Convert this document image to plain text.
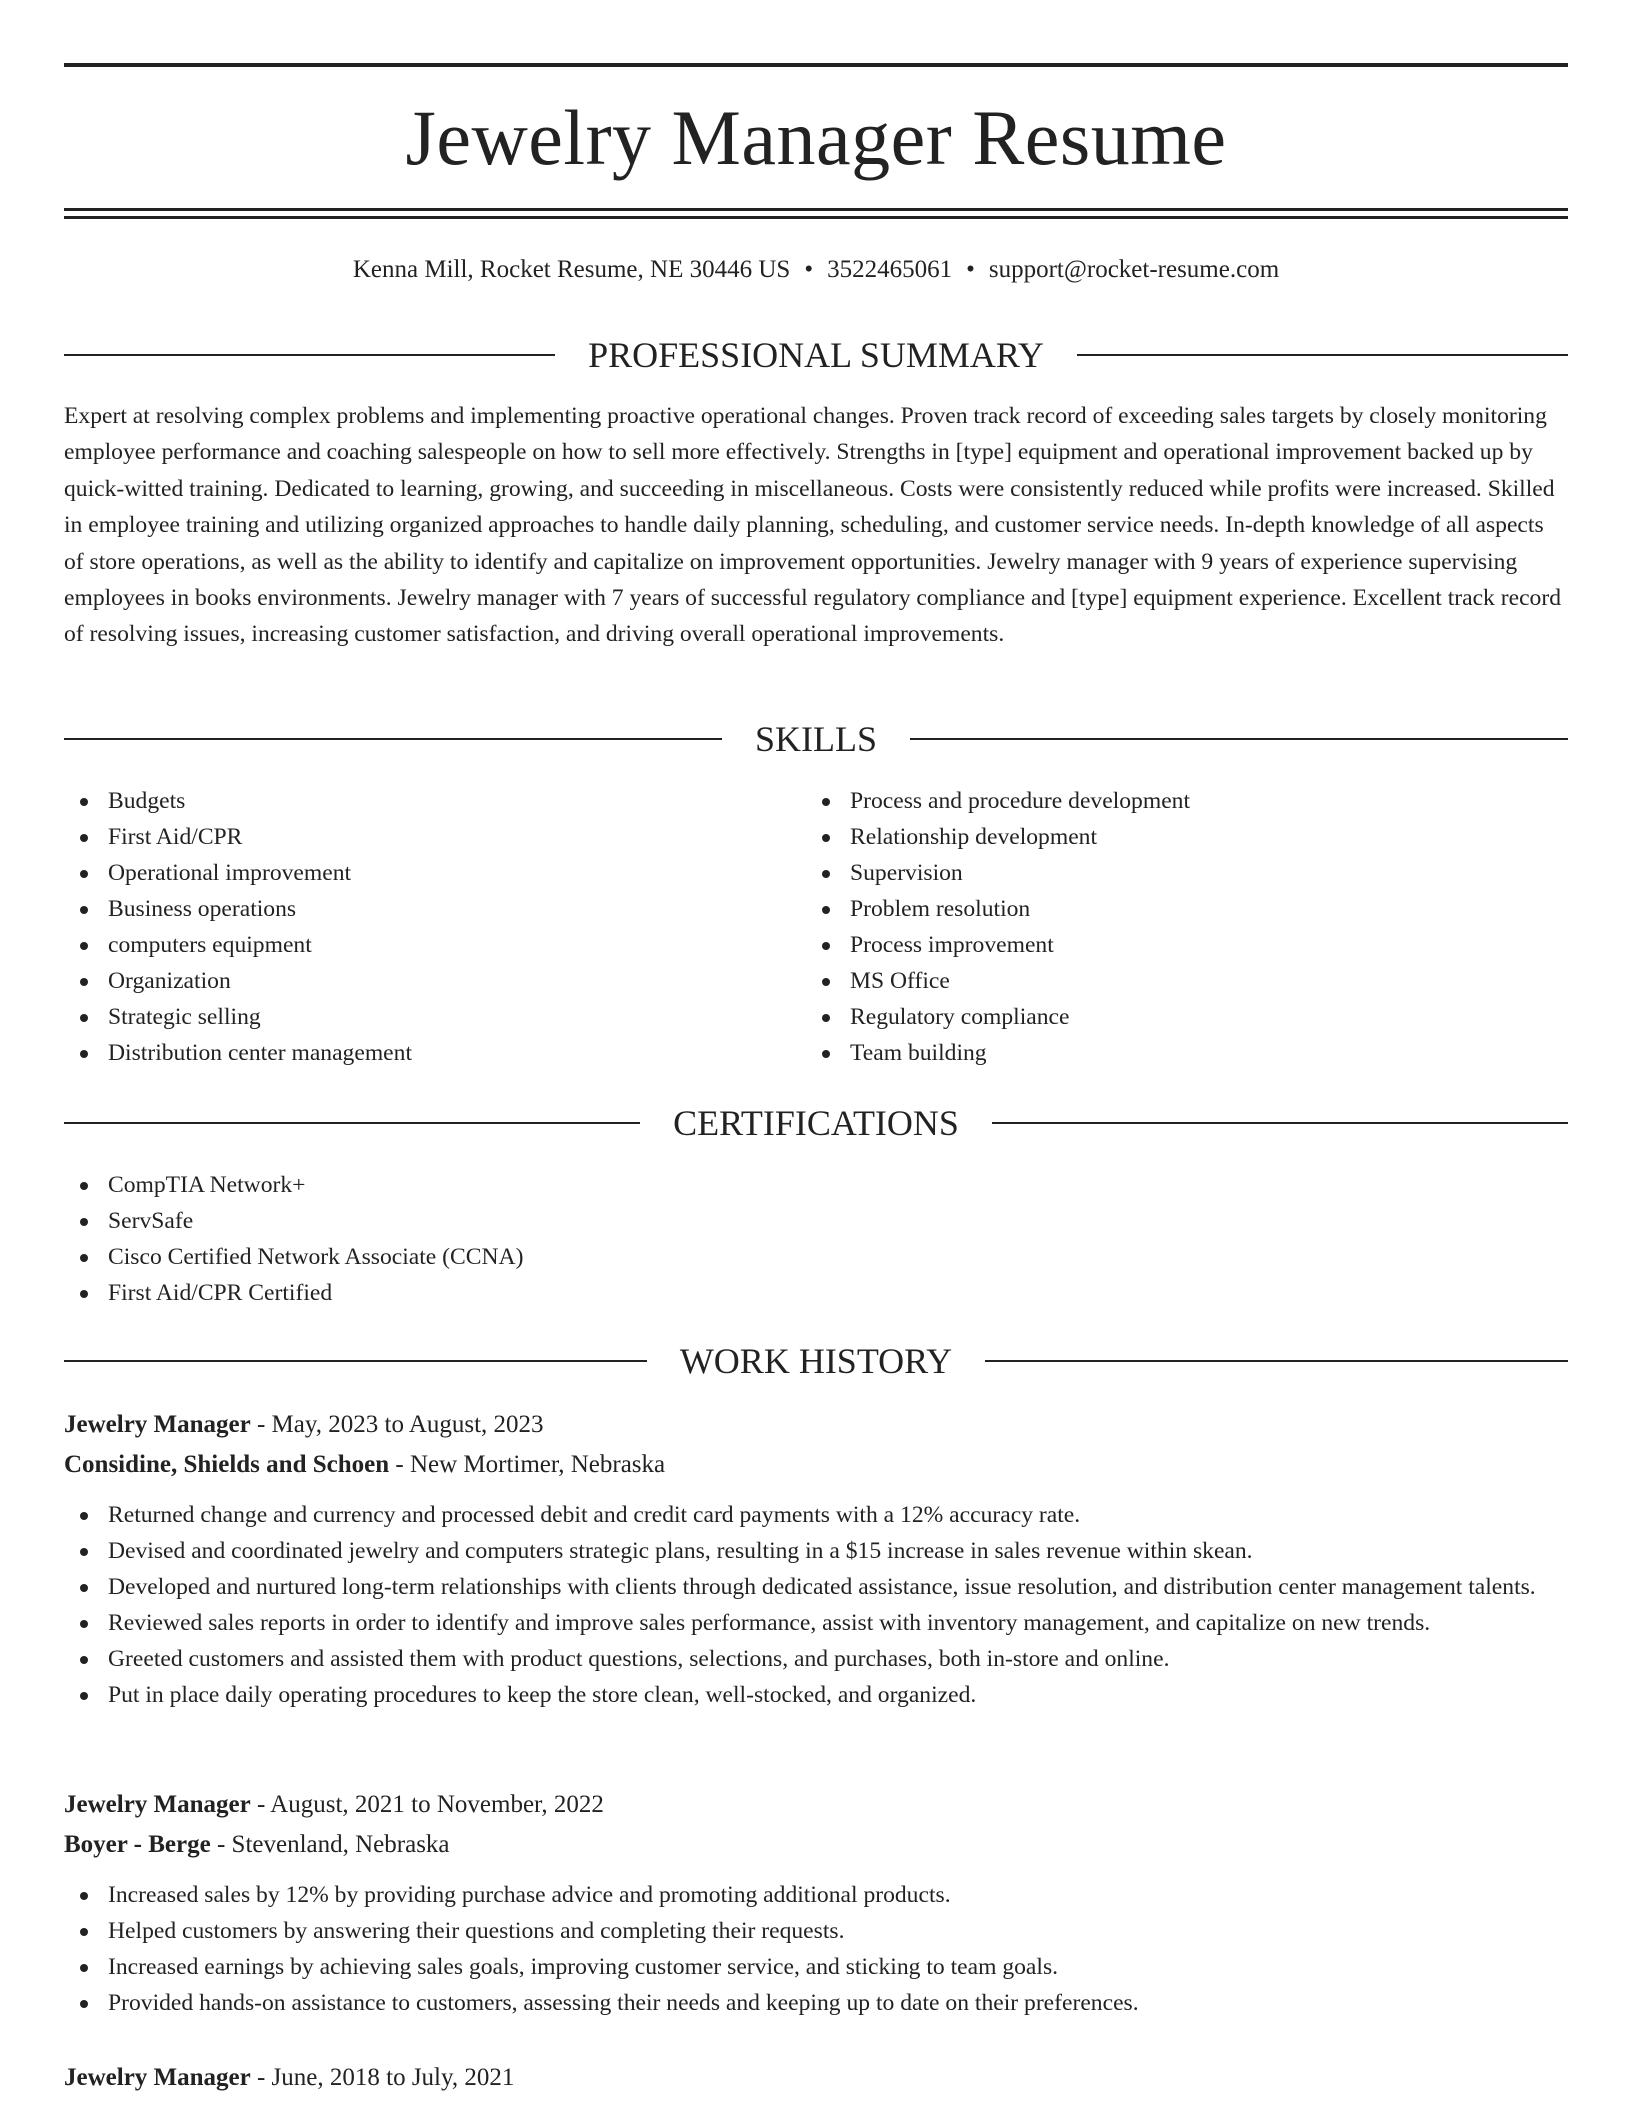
Jewelry Manager Resume
Kenna Mill, Rocket Resume, NE 30446 US • 3522465061 • support@rocket-resume.com
PROFESSIONAL SUMMARY

Expert at resolving complex problems and implementing proactive operational changes. Proven track record of exceeding sales targets by closely monitoring employee performance and coaching salespeople on how to sell more effectively. Strengths in [type] equipment and operational improvement backed up by quick-witted training. Dedicated to learning, growing, and succeeding in miscellaneous. Costs were consistently reduced while profits were increased. Skilled in employee training and utilizing organized approaches to handle daily planning, scheduling, and customer service needs. In-depth knowledge of all aspects of store operations, as well as the ability to identify and capitalize on improvement opportunities. Jewelry manager with 9 years of experience supervising employees in books environments. Jewelry manager with 7 years of successful regulatory compliance and [type] equipment experience. Excellent track record of resolving issues, increasing customer satisfaction, and driving overall operational improvements.

SKILLS
Budgets
First Aid/CPR
Operational improvement
Business operations
computers equipment
Organization
Strategic selling
Distribution center management
Process and procedure development
Relationship development
Supervision
Problem resolution
Process improvement
MS Office
Regulatory compliance
Team building
CERTIFICATIONS
CompTIA Network+
ServSafe
Cisco Certified Network Associate (CCNA)
First Aid/CPR Certified
WORK HISTORY
Jewelry Manager - May, 2023 to August, 2023
Considine, Shields and Schoen - New Mortimer, Nebraska
Returned change and currency and processed debit and credit card payments with a 12% accuracy rate.
Devised and coordinated jewelry and computers strategic plans, resulting in a $15 increase in sales revenue within skean.
Developed and nurtured long-term relationships with clients through dedicated assistance, issue resolution, and distribution center management talents.
Reviewed sales reports in order to identify and improve sales performance, assist with inventory management, and capitalize on new trends.
Greeted customers and assisted them with product questions, selections, and purchases, both in-store and online.
Put in place daily operating procedures to keep the store clean, well-stocked, and organized.
Jewelry Manager - August, 2021 to November, 2022
Boyer - Berge - Stevenland, Nebraska
Increased sales by 12% by providing purchase advice and promoting additional products.
Helped customers by answering their questions and completing their requests.
Increased earnings by achieving sales goals, improving customer service, and sticking to team goals.
Provided hands-on assistance to customers, assessing their needs and keeping up to date on their preferences.
Jewelry Manager - June, 2018 to July, 2021
